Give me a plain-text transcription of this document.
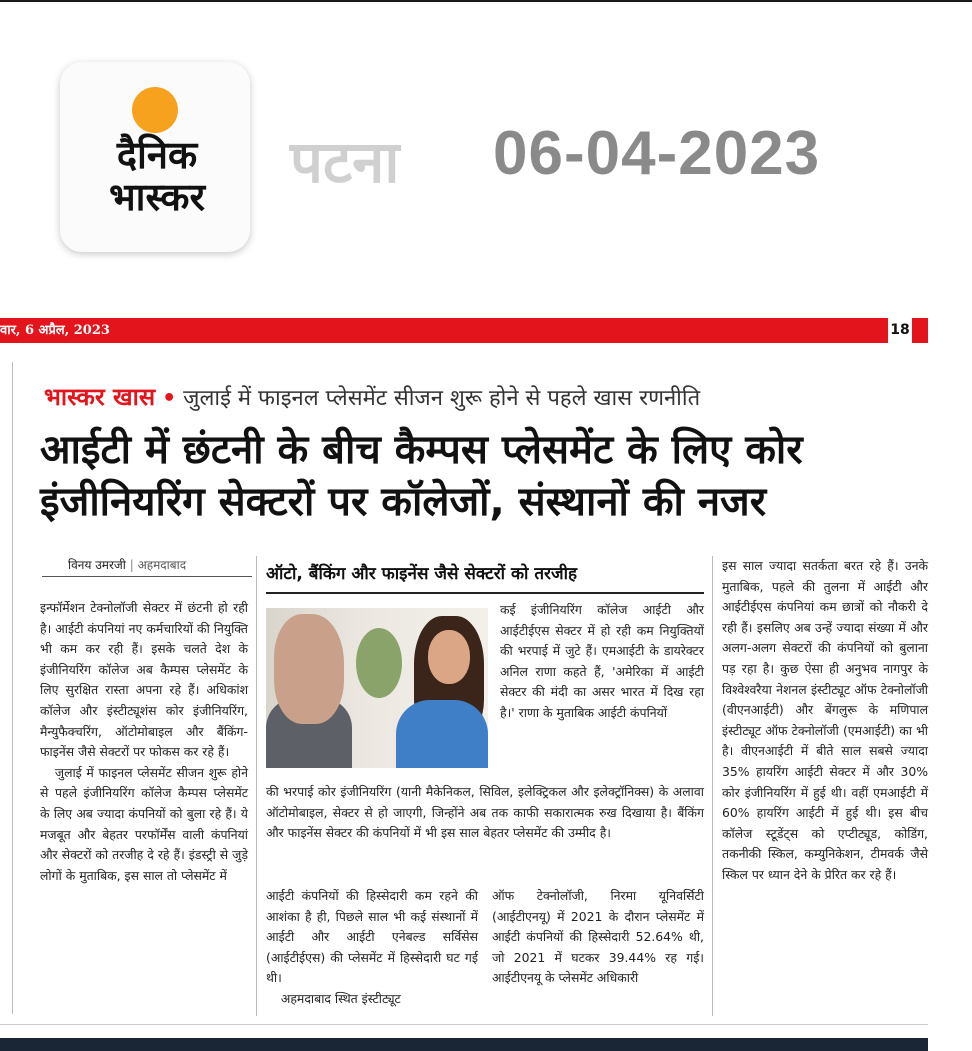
दैनिक
भास्कर
पटना 06-04-2023
वार, 6 अप्रैल, 2023	18
भास्कर खास • जुलाई में फाइनल प्लेसमेंट सीजन शुरू होने से पहले खास रणनीति
आईटी में छंटनी के बीच कैम्पस प्लेसमेंट के लिए कोर
इंजीनियरिंग सेक्टरों पर कॉलेजों, संस्थानों की नजर
विनय उमरजी | अहमदाबाद

इन्फॉर्मेशन टेक्नोलॉजी सेक्टर में छंटनी हो रही है। आईटी कंपनियां नए कर्मचारियों की नियुक्ति भी कम कर रही हैं। इसके चलते देश के इंजीनियरिंग कॉलेज अब कैम्पस प्लेसमेंट के लिए सुरक्षित रास्ता अपना रहे हैं। अधिकांश कॉलेज और इंस्टीट्यूशंस कोर इंजीनियरिंग, मैन्युफैक्चरिंग, ऑटोमोबाइल और बैंकिंग-फाइनेंस जैसे सेक्टरों पर फोकस कर रहे हैं।

जुलाई में फाइनल प्लेसमेंट सीजन शुरू होने से पहले इंजीनियरिंग कॉलेज कैम्पस प्लेसमेंट के लिए अब ज्यादा कंपनियों को बुला रहे हैं। ये मजबूत और बेहतर परफॉर्मेंस वाली कंपनियां और सेक्टरों को तरजीह दे रहे हैं। इंडस्ट्री से जुड़े लोगों के मुताबिक, इस साल तो प्लेसमेंट में

ऑटो, बैंकिंग और फाइनेंस जैसे सेक्टरों को तरजीह

कई इंजीनियरिंग कॉलेज आईटी और आईटीईएस सेक्टर में हो रही कम नियुक्तियों की भरपाई में जुटे हैं। एमआईटी के डायरेक्टर अनिल राणा कहते हैं, 'अमेरिका में आईटी सेक्टर की मंदी का असर भारत में दिख रहा है।' राणा के मुताबिक आईटी कंपनियों

की भरपाई कोर इंजीनियरिंग (यानी मैकेनिकल, सिविल, इलेक्ट्रिकल और इलेक्ट्रॉनिक्स) के अलावा ऑटोमोबाइल, सेक्टर से हो जाएगी, जिन्होंने अब तक काफी सकारात्मक रुख दिखाया है। बैंकिंग और फाइनेंस सेक्टर की कंपनियों में भी इस साल बेहतर प्लेसमेंट की उम्मीद है।

आईटी कंपनियों की हिस्सेदारी कम रहने की आशंका है ही, पिछले साल भी कई संस्थानों में आईटी और आईटी एनेबल्ड सर्विसेस (आईटीईएस) की प्लेसमेंट में हिस्सेदारी घट गई थी।

अहमदाबाद स्थित इंस्टीट्यूट

ऑफ टेक्नोलॉजी, निरमा यूनिवर्सिटी (आईटीएनयू) में 2021 के दौरान प्लेसमेंट में आईटी कंपनियों की हिस्सेदारी 52.64% थी, जो 2021 में घटकर 39.44% रह गई। आईटीएनयू के प्लेसमेंट अधिकारी

इस साल ज्यादा सतर्कता बरत रहे हैं। उनके मुताबिक, पहले की तुलना में आईटी और आईटीईएस कंपनियां कम छात्रों को नौकरी दे रही हैं। इसलिए अब उन्हें ज्यादा संख्या में और अलग-अलग सेक्टरों की कंपनियों को बुलाना पड़ रहा है। कुछ ऐसा ही अनुभव नागपुर के विश्वेश्वरैया नेशनल इंस्टीट्यूट ऑफ टेक्नोलॉजी (वीएनआईटी) और बेंगलुरू के मणिपाल इंस्टीट्यूट ऑफ टेक्नोलॉजी (एमआईटी) का भी है। वीएनआईटी में बीते साल सबसे ज्यादा 35% हायरिंग आईटी सेक्टर में और 30% कोर इंजीनियरिंग में हुई थी। वहीं एमआईटी में 60% हायरिंग आईटी में हुई थी। इस बीच कॉलेज स्टूडेंट्स को एप्टीट्यूड, कोडिंग, तकनीकी स्किल, कम्युनिकेशन, टीमवर्क जैसे स्किल पर ध्यान देने के प्रेरित कर रहे हैं।
